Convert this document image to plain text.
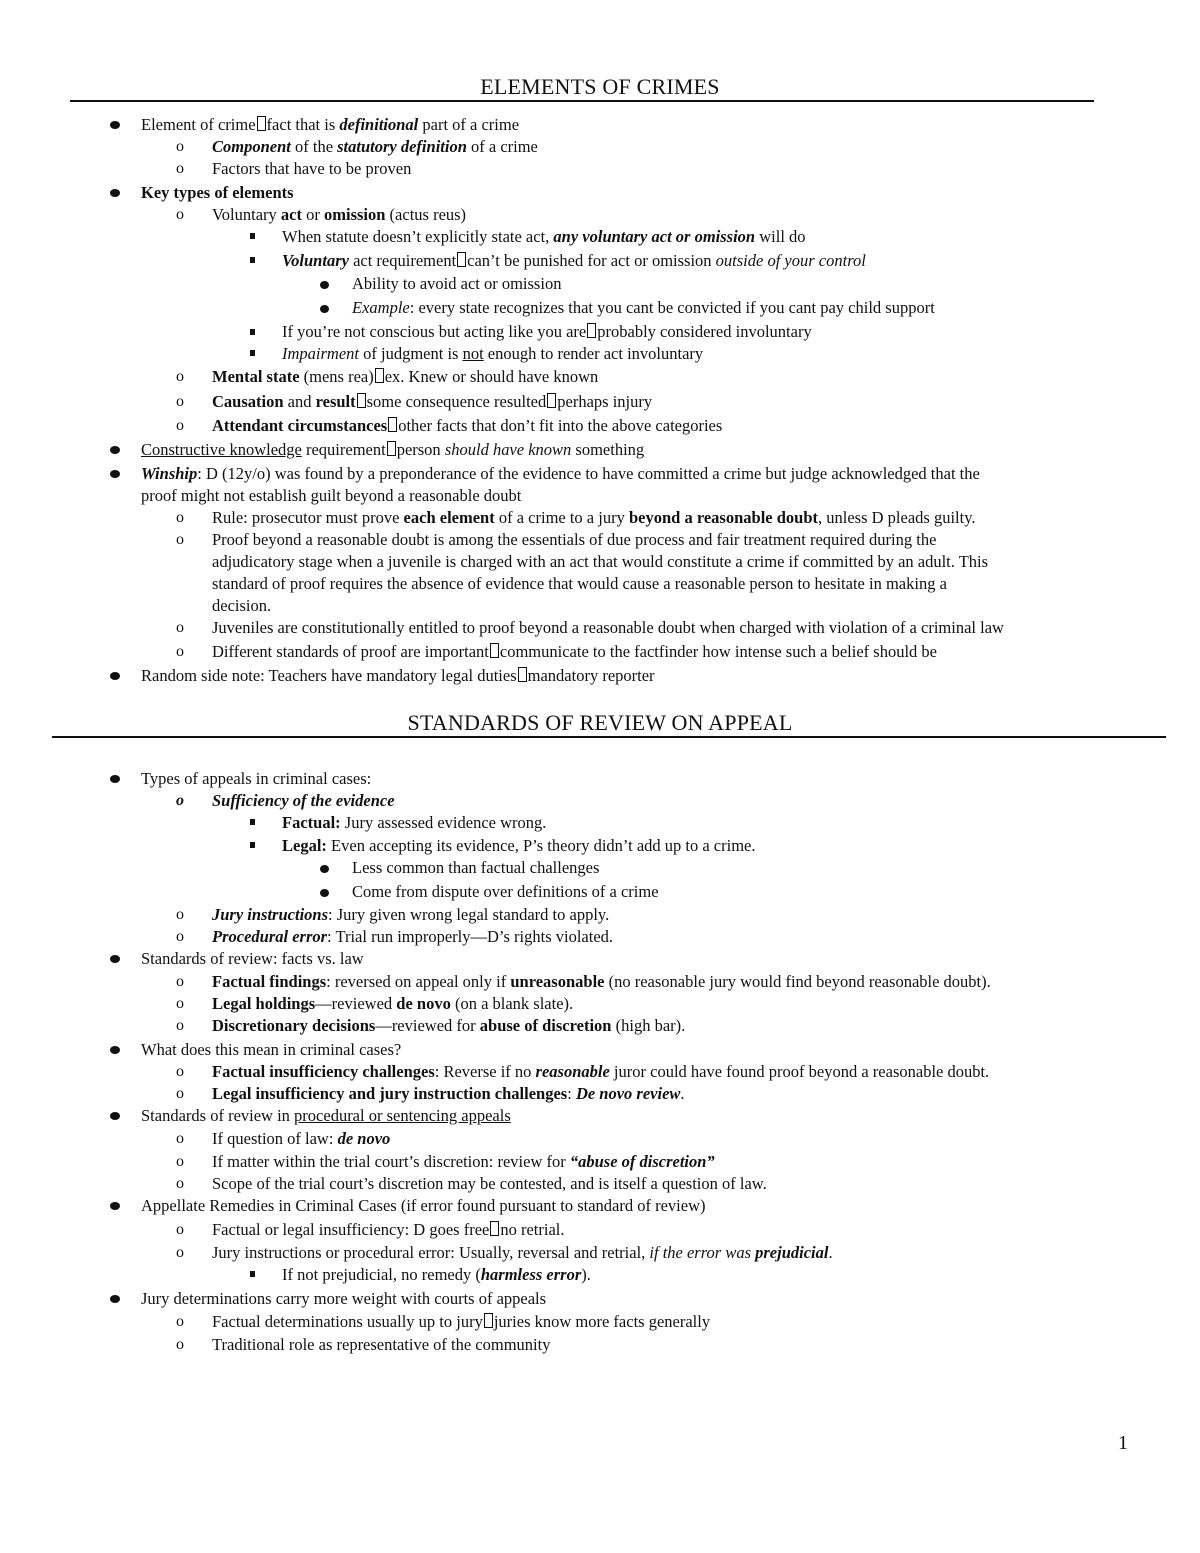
ELEMENTS OF CRIMES
Element of crime fact that is definitional part of a crime
o Component of the statutory definition of a crime
o Factors that have to be proven
Key types of elements
o Voluntary act or omission (actus reus)
When statute doesn’t explicitly state act, any voluntary act or omission will do
Voluntary act requirement can’t be punished for act or omission outside of your control
Ability to avoid act or omission
Example: every state recognizes that you cant be convicted if you cant pay child support
If you’re not conscious but acting like you are probably considered involuntary
Impairment of judgment is not enough to render act involuntary
o Mental state (mens rea) ex. Knew or should have known
o Causation and result some consequence resulted perhaps injury
o Attendant circumstances other facts that don’t fit into the above categories
Constructive knowledge requirement person should have known something
Winship: D (12y/o) was found by a preponderance of the evidence to have committed a crime but judge acknowledged that the
proof might not establish guilt beyond a reasonable doubt
o Rule: prosecutor must prove each element of a crime to a jury beyond a reasonable doubt, unless D pleads guilty.
o Proof beyond a reasonable doubt is among the essentials of due process and fair treatment required during the
adjudicatory stage when a juvenile is charged with an act that would constitute a crime if committed by an adult. This
standard of proof requires the absence of evidence that would cause a reasonable person to hesitate in making a
decision.
o Juveniles are constitutionally entitled to proof beyond a reasonable doubt when charged with violation of a criminal law
o Different standards of proof are important communicate to the factfinder how intense such a belief should be
Random side note: Teachers have mandatory legal duties mandatory reporter
STANDARDS OF REVIEW ON APPEAL
Types of appeals in criminal cases:
o Sufficiency of the evidence
Factual: Jury assessed evidence wrong.
Legal: Even accepting its evidence, P’s theory didn’t add up to a crime.
Less common than factual challenges
Come from dispute over definitions of a crime
o Jury instructions: Jury given wrong legal standard to apply.
o Procedural error: Trial run improperly—D’s rights violated.
Standards of review: facts vs. law
o Factual findings: reversed on appeal only if unreasonable (no reasonable jury would find beyond reasonable doubt).
o Legal holdings—reviewed de novo (on a blank slate).
o Discretionary decisions—reviewed for abuse of discretion (high bar).
What does this mean in criminal cases?
o Factual insufficiency challenges: Reverse if no reasonable juror could have found proof beyond a reasonable doubt.
o Legal insufficiency and jury instruction challenges: De novo review.
Standards of review in procedural or sentencing appeals
o If question of law: de novo
o If matter within the trial court’s discretion: review for “abuse of discretion”
o Scope of the trial court’s discretion may be contested, and is itself a question of law.
Appellate Remedies in Criminal Cases (if error found pursuant to standard of review)
o Factual or legal insufficiency: D goes free no retrial.
o Jury instructions or procedural error: Usually, reversal and retrial, if the error was prejudicial.
If not prejudicial, no remedy (harmless error).
Jury determinations carry more weight with courts of appeals
o Factual determinations usually up to jury juries know more facts generally
o Traditional role as representative of the community
1
